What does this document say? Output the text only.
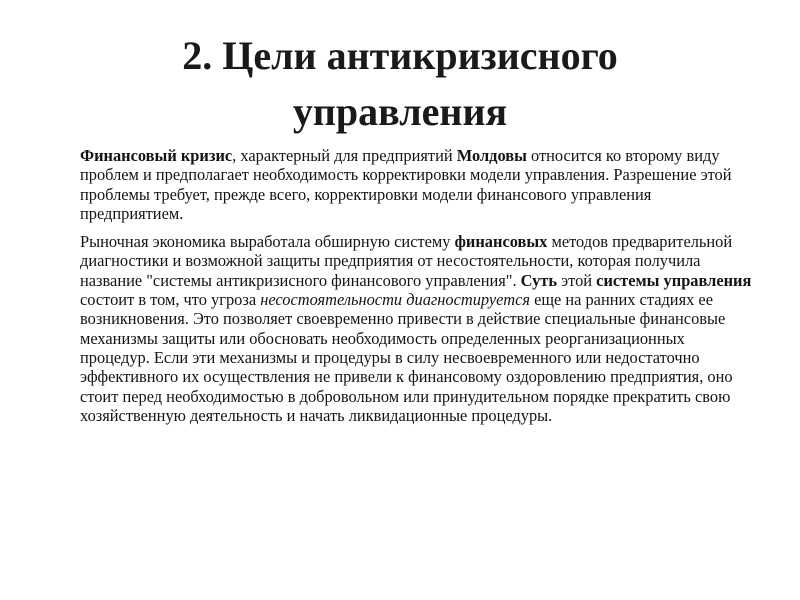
2. Цели антикризисного
управления

Финансовый кризис, характерный для предприятий Молдовы относится ко второму виду проблем и предполагает необходимость корректировки модели управления. Разрешение этой проблемы требует, прежде всего, корректировки модели финансового управления предприятием.

Рыночная экономика выработала обширную систему финансовых методов предварительной диагностики и возможной защиты предприятия от несостоятельности, которая получила название "системы антикризисного финансового управления". Суть этой системы управления состоит в том, что угроза несостоятельности диагностируется еще на ранних стадиях ее возникновения. Это позволяет своевременно привести в действие специальные финансовые механизмы защиты или обосновать необходимость определенных реорганизационных процедур. Если эти механизмы и процедуры в силу несвоевременного или недостаточно эффективного их осуществления не привели к финансовому оздоровлению предприятия, оно стоит перед необходимостью в добровольном или принудительном порядке прекратить свою хозяйственную деятельность и начать ликвидационные процедуры.
